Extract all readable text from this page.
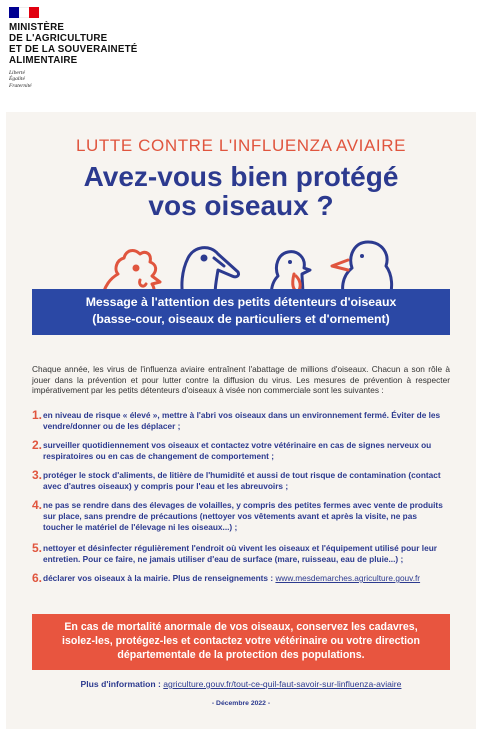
MINISTÈRE
DE L'AGRICULTURE
ET DE LA SOUVERAINETÉ
ALIMENTAIRE
Liberté
Égalité
Fraternité
LUTTE CONTRE L'INFLUENZA AVIAIRE
Avez-vous bien protégé
vos oiseaux ?
Message à l'attention des petits détenteurs d'oiseaux
(basse-cour, oiseaux de particuliers et d'ornement)
Chaque année, les virus de l'influenza aviaire entraînent l'abattage de millions d'oiseaux. Chacun a son rôle à jouer dans la prévention et pour lutter contre la diffusion du virus. Les mesures de prévention à respecter impérativement par les petits détenteurs d'oiseaux à visée non commerciale sont les suivantes :
1. en niveau de risque « élevé », mettre à l'abri vos oiseaux dans un environnement fermé. Éviter de les vendre/donner ou de les déplacer ;
2. surveiller quotidiennement vos oiseaux et contactez votre vétérinaire en cas de signes nerveux ou respiratoires ou en cas de changement de comportement ;
3. protéger le stock d'aliments, de litière de l'humidité et aussi de tout risque de contamination (contact avec d'autres oiseaux) y compris pour l'eau et les abreuvoirs ;
4. ne pas se rendre dans des élevages de volailles, y compris des petites fermes avec vente de produits sur place, sans prendre de précautions (nettoyer vos vêtements avant et après la visite, ne pas toucher le matériel de l'élevage ni les oiseaux...) ;
5. nettoyer et désinfecter régulièrement l'endroit où vivent les oiseaux et l'équipement utilisé pour leur entretien. Pour ce faire, ne jamais utiliser d'eau de surface (mare, ruisseau, eau de pluie...) ;
6. déclarer vos oiseaux à la mairie. Plus de renseignements : www.mesdemarches.agriculture.gouv.fr
En cas de mortalité anormale de vos oiseaux, conservez les cadavres,
isolez-les, protégez-les et contactez votre vétérinaire ou votre direction
départementale de la protection des populations.
Plus d'information : agriculture.gouv.fr/tout-ce-quil-faut-savoir-sur-linfluenza-aviaire
- Décembre 2022 -
